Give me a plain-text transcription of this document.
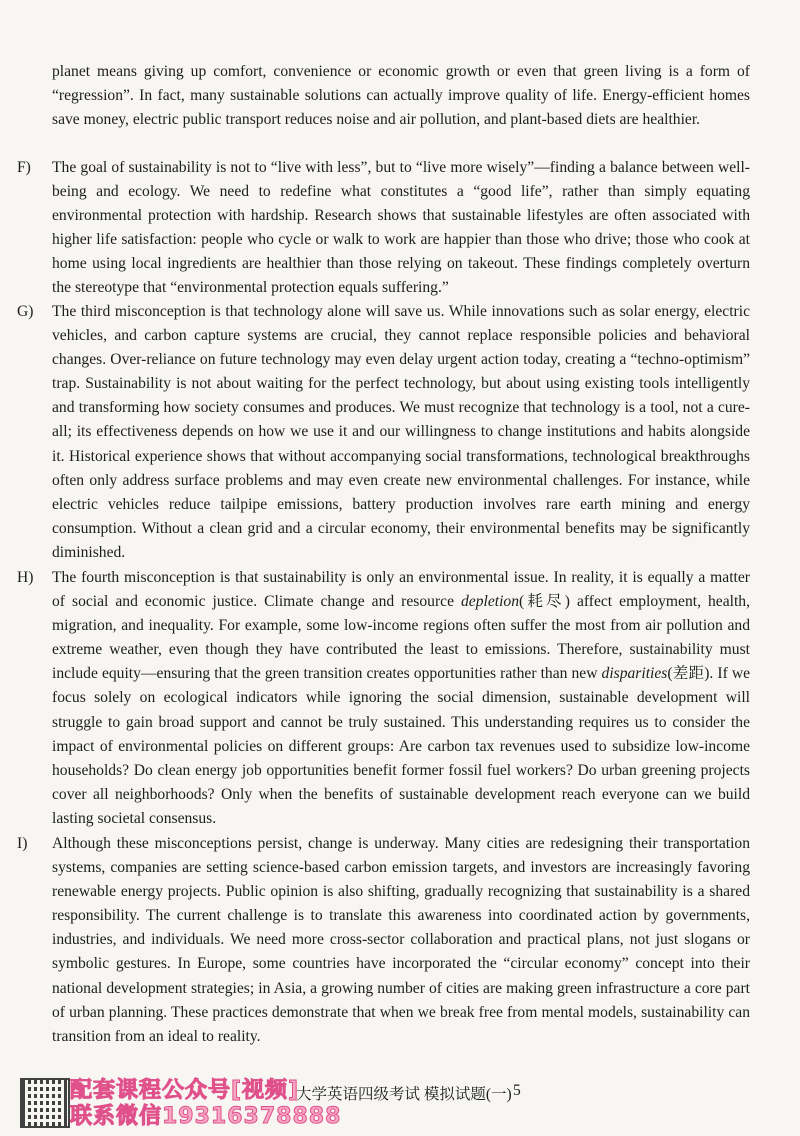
planet means giving up comfort, convenience or economic growth or even that green living is a form of “regression”. In fact, many sustainable solutions can actually improve quality of life. Energy-efficient homes save money, electric public transport reduces noise and air pollution, and plant-based diets are healthier.

F)	The goal of sustainability is not to “live with less”, but to “live more wisely”—finding a balance between well-being and ecology. We need to redefine what constitutes a “good life”, rather than simply equating environmental protection with hardship. Research shows that sustainable lifestyles are often associated with higher life satisfaction: people who cycle or walk to work are happier than those who drive; those who cook at home using local ingredients are healthier than those relying on takeout. These findings completely overturn the stereotype that “environmental protection equals suffering.”

G)	The third misconception is that technology alone will save us. While innovations such as solar energy, electric vehicles, and carbon capture systems are crucial, they cannot replace responsible policies and behavioral changes. Over-reliance on future technology may even delay urgent action today, creating a “techno-optimism” trap. Sustainability is not about waiting for the perfect technology, but about using existing tools intelligently and transforming how society consumes and produces. We must recognize that technology is a tool, not a cure-all; its effectiveness depends on how we use it and our willingness to change institutions and habits alongside it. Historical experience shows that without accompanying social transformations, technological breakthroughs often only address surface problems and may even create new environmental challenges. For instance, while electric vehicles reduce tailpipe emissions, battery production involves rare earth mining and energy consumption. Without a clean grid and a circular economy, their environmental benefits may be significantly diminished.

H)	The fourth misconception is that sustainability is only an environmental issue. In reality, it is equally a matter of social and economic justice. Climate change and resource depletion(耗尽) affect employment, health, migration, and inequality. For example, some low-income regions often suffer the most from air pollution and extreme weather, even though they have contributed the least to emissions. Therefore, sustainability must include equity—ensuring that the green transition creates opportunities rather than new disparities(差距). If we focus solely on ecological indicators while ignoring the social dimension, sustainable development will struggle to gain broad support and cannot be truly sustained. This understanding requires us to consider the impact of environmental policies on different groups: Are carbon tax revenues used to subsidize low-income households? Do clean energy job opportunities benefit former fossil fuel workers? Do urban greening projects cover all neighborhoods? Only when the benefits of sustainable development reach everyone can we build lasting societal consensus.

I)	Although these misconceptions persist, change is underway. Many cities are redesigning their transportation systems, companies are setting science-based carbon emission targets, and investors are increasingly favoring renewable energy projects. Public opinion is also shifting, gradually recognizing that sustainability is a shared responsibility. The current challenge is to translate this awareness into coordinated action by governments, industries, and individuals. We need more cross-sector collaboration and practical plans, not just slogans or symbolic gestures. In Europe, some countries have incorporated the “circular economy” concept into their national development strategies; in Asia, a growing number of cities are making green infrastructure a core part of urban planning. These practices demonstrate that when we break free from mental models, sustainability can transition from an ideal to reality.

配套课程公众号[视频]
联系微信19316378888
大学英语四级考试 模拟试题(一) 5
